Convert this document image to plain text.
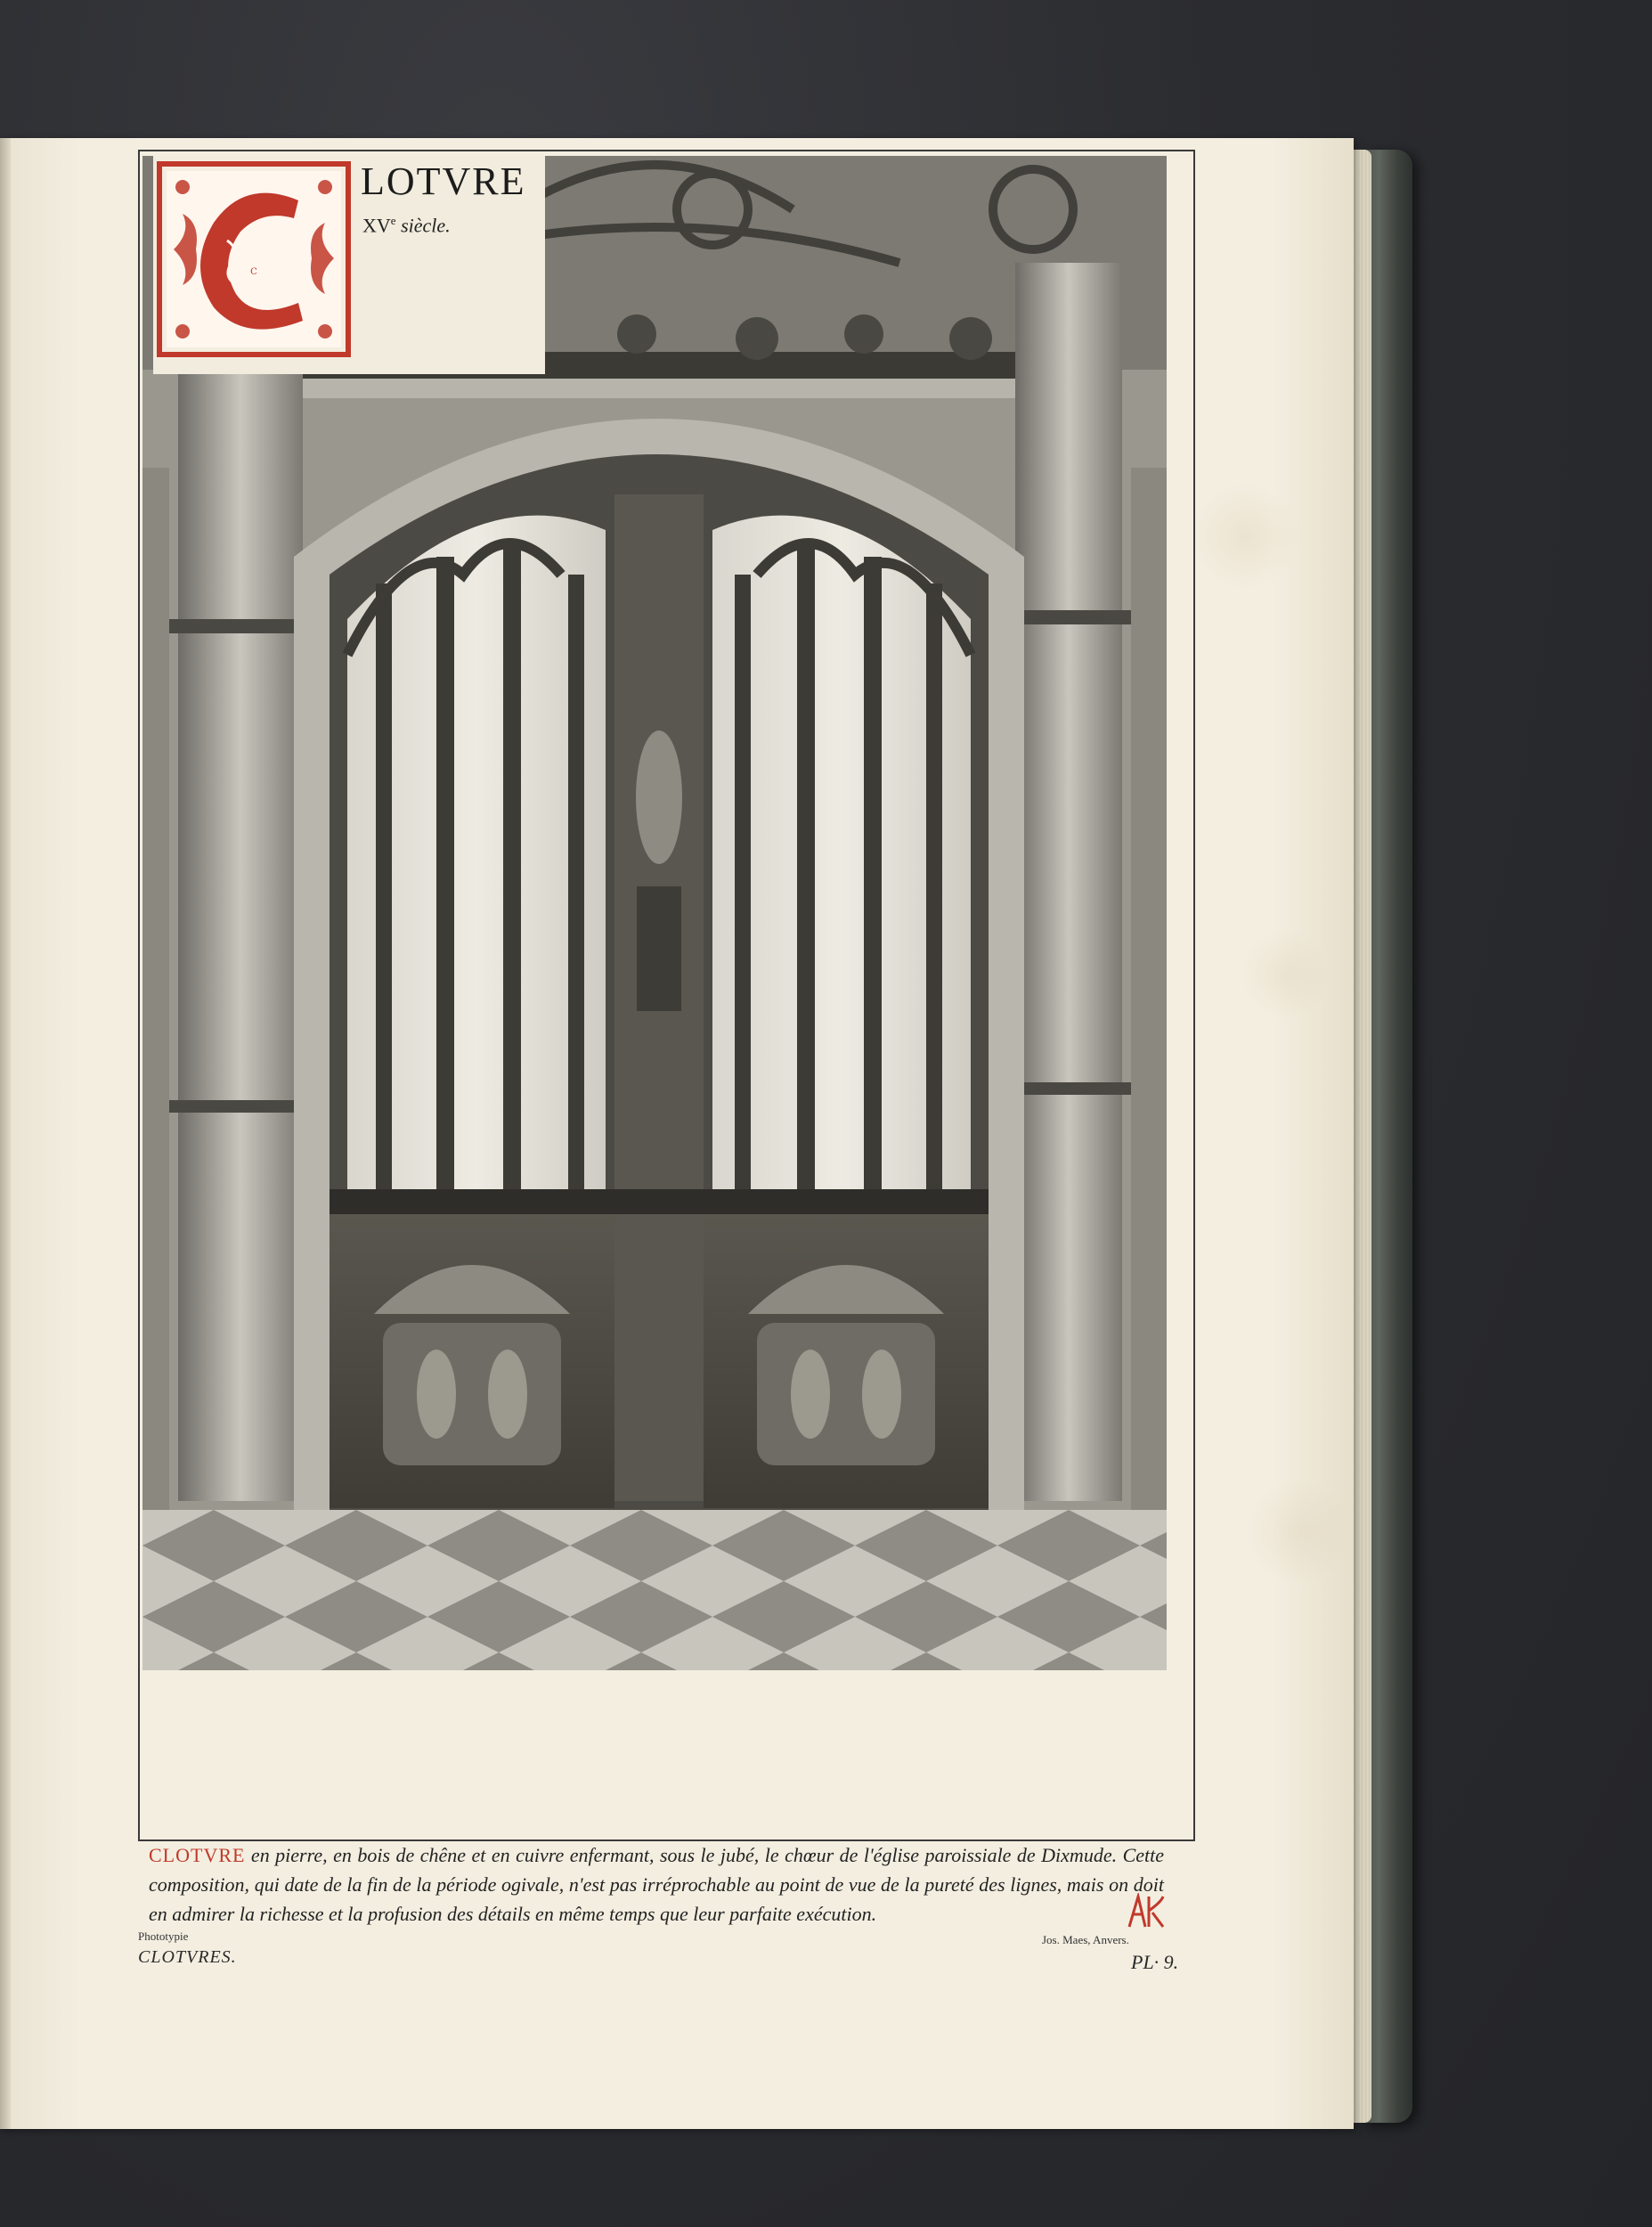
C
LOTVRE
XVe siècle.
CLOTVRE en pierre, en bois de chêne et en cuivre enfermant, sous le jubé, le chœur de l'église paroissiale de Dixmude. Cette composition, qui date de la fin de la période ogivale, n'est pas irréprochable au point de vue de la pureté des lignes, mais on doit en admirer la richesse et la profusion des détails en même temps que leur parfaite exécution.
Phototypie
CLOTVRES.
Jos. Maes, Anvers.
PL· 9.
